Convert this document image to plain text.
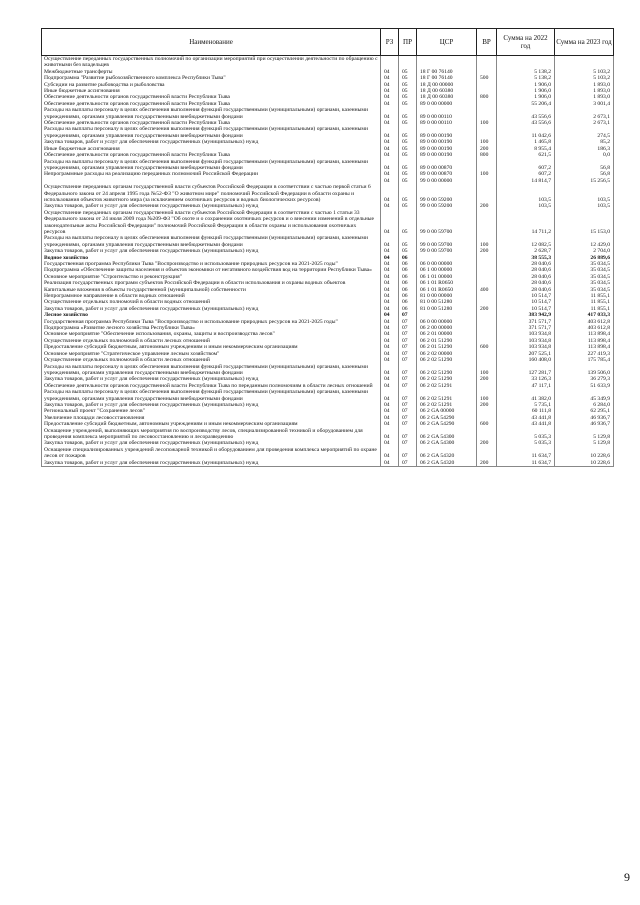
Наименование	РЗ	ПР	ЦСР	ВР	Сумма на 2022 год	Сумма на 2023 год
Осуществление переданных государственных полномочий по организации мероприятий при осуществлении деятельности по обращению с животными без владельцев						
Межбюджетные трансферты	04	05	18 Г 00 76140		5 138,2	5 103,2
Подпрограмма "Развитие рыбохозяйственного комплекса Республики Тыва"	04	05	18 Г 00 76140	500	5 138,2	5 103,2
Субсидии на развитие рыбоводства и рыболовства	04	05	18 Д 00 00000		1 906,0	1 893,0
Иные бюджетные ассигнования	04	05	18 Д 00 60380		1 906,0	1 893,0
Обеспечение деятельности органов государственной власти Республики Тыва	04	05	18 Д 00 60380	800	1 906,0	1 893,0
Обеспечение деятельности органов государственной власти Республики Тыва	04	05	89 0 00 00000		55 206,4	3 001,4
Расходы на выплаты персоналу в целях обеспечения выполнения функций государственными (муниципальными) органами, казенными учреждениями, органами управления государственными внебюджетными фондами	04	05	89 0 00 00110		43 556,6	2 673,1
Обеспечение деятельности органов государственной власти Республики Тыва	04	05	89 0 00 00110	100	43 556,6	2 673,1
Расходы на выплаты персоналу в целях обеспечения выполнения функций государственными (муниципальными) органами, казенными учреждениями, органами управления государственными внебюджетными фондами	04	05	89 0 00 00190		11 042,6	274,5
Закупка товаров, работ и услуг для обеспечения государственных (муниципальных) нужд	04	05	89 0 00 00190	100	1 465,8	85,2
Иные бюджетные ассигнования	04	05	89 0 00 00190	200	8 955,4	186,3
Обеспечение деятельности органов государственной власти Республики Тыва	04	05	89 0 00 00190	800	621,5	0,0
Расходы на выплаты персоналу в целях обеспечения выполнения функций государственными (муниципальными) органами, казенными учреждениями, органами управления государственными внебюджетными фондами	04	05	89 0 00 00870		607,2	56,8
Непрограммные расходы на реализацию переданных полномочий Российской Федерации	04	05	89 0 00 00870	100	607,2	56,8
	04	05	99 0 00 00000		14 814,7	15 256,5
Осуществление переданных органам государственной власти субъектов Российской Федерации в соответствии с частью первой статьи 6 Федерального закона от 24 апреля 1995 года №52-ФЗ "О животном мире" полномочий Российской Федерации в области охраны и использования объектов животного мира (за исключением охотничьих ресурсов и водных биологических ресурсов)	04	05	99 0 00 59200		103,5	103,5
Закупка товаров, работ и услуг для обеспечения государственных (муниципальных) нужд	04	05	99 0 00 59200	200	103,5	103,5
Осуществление переданных органам государственной власти субъектов Российской Федерации в соответствии с частью 1 статьи 33 Федерального закона от 24 июля 2009 года №209-ФЗ "Об охоте и о сохранении охотничьих ресурсов и о внесении изменений в отдельные законодательные акты Российской Федерации" полномочий Российской Федерации в области охраны и использования охотничьих ресурсов	04	05	99 0 00 59700		14 711,2	15 153,0
Расходы на выплаты персоналу в целях обеспечения выполнения функций государственными (муниципальными) органами, казенными учреждениями, органами управления государственными внебюджетными фондами	04	05	99 0 00 59700	100	12 082,5	12 429,0
Закупка товаров, работ и услуг для обеспечения государственных (муниципальных) нужд	04	05	99 0 00 59700	200	2 628,7	2 704,0
Водное хозяйство	04	06			38 555,3	26 889,6
Государственная программа Республики Тыва "Воспроизводство и использование природных ресурсов на 2021-2025 годы"	04	06	06 0 00 00000		28 040,6	35 034,5
Подпрограмма «Обеспечение защиты населения и объектов экономики от негативного воздействия вод на территории Республики Тыва»	04	06	06 1 00 00000		28 040,6	35 034,5
Основное мероприятие "Строительство и реконструкция"	04	06	06 1 01 00000		28 040,6	35 034,5
Реализация государственных программ субъектов Российской Федерации в области использования и охраны водных объектов	04	06	06 1 01 R0650		28 040,6	35 034,5
Капитальные вложения в объекты государственной (муниципальной) собственности	04	06	06 1 01 R0650	400	28 040,6	35 034,5
Непрограммное направление в области водных отношений	04	06	81 0 00 00000		10 514,7	11 855,1
Осуществление отдельных полномочий в области водных отношений	04	06	81 0 00 51280		10 514,7	11 855,1
Закупка товаров, работ и услуг для обеспечения государственных (муниципальных) нужд	04	06	81 0 00 51280	200	10 514,7	11 855,1
Лесное хозяйство	04	07			383 942,9	417 033,3
Государственная программа Республики Тыва "Воспроизводство и использование природных ресурсов на 2021-2025 годы"	04	07	06 0 00 00000		371 571,7	403 612,8
Подпрограмма «Развитие лесного хозяйства Республики Тыва»	04	07	06 2 00 00000		371 571,7	403 612,8
Основное мероприятие "Обеспечение использования, охраны, защиты и воспроизводства лесов"	04	07	06 2 01 00000		103 934,8	113 898,4
Осуществление отдельных полномочий в области лесных отношений	04	07	06 2 01 51290		103 934,8	113 898,4
Предоставление субсидий бюджетным, автономным учреждениям и иным некоммерческим организациям	04	07	06 2 01 51290	600	103 934,8	113 898,4
Основное мероприятие "Стратегическое управление лесным хозяйством"	04	07	06 2 02 00000		207 525,1	227 419,3
Осуществление отдельных полномочий в области лесных отношений	04	07	06 2 02 51290		160 408,0	175 785,4
Расходы на выплаты персоналу в целях обеспечения выполнения функций государственными (муниципальными) органами, казенными учреждениями, органами управления государственными внебюджетными фондами	04	07	06 2 02 51290	100	127 281,7	139 506,0
Закупка товаров, работ и услуг для обеспечения государственных (муниципальных) нужд	04	07	06 2 02 51290	200	33 126,3	36 279,3
Обеспечение деятельности органов государственной власти Республики Тыва по переданным полномочиям в области лесных отношений	04	07	06 2 02 51291		47 117,1	51 633,9
Расходы на выплаты персоналу в целях обеспечения выполнения функций государственными (муниципальными) органами, казенными учреждениями, органами управления государственными внебюджетными фондами	04	07	06 2 02 51291	100	41 382,0	45 349,9
Закупка товаров, работ и услуг для обеспечения государственных (муниципальных) нужд	04	07	06 2 02 51291	200	5 735,1	6 284,0
Региональный проект "Сохранение лесов"	04	07	06 2 GA 00000		60 111,8	62 295,1
Увеличение площади лесовосстановления	04	07	06 2 GA 54290		43 441,8	46 936,7
Предоставление субсидий бюджетным, автономным учреждениям и иным некоммерческим организациям	04	07	06 2 GA 54290	600	43 441,8	46 936,7
Оснащение учреждений, выполняющих мероприятия по воспроизводству лесов, специализированной техникой и оборудованием для проведения комплекса мероприятий по лесовосстановлению и лесоразведению	04	07	06 2 GA 54300		5 035,3	5 129,8
Закупка товаров, работ и услуг для обеспечения государственных (муниципальных) нужд	04	07	06 2 GA 54300	200	5 035,3	5 129,8
Оснащение специализированных учреждений лесопожарной техникой и оборудованием для проведения комплекса мероприятий по охране лесов от пожаров	04	07	06 2 GA 54320		11 634,7	10 228,6
Закупка товаров, работ и услуг для обеспечения государственных (муниципальных) нужд	04	07	06 2 GA 54320	200	11 634,7	10 228,6
9
